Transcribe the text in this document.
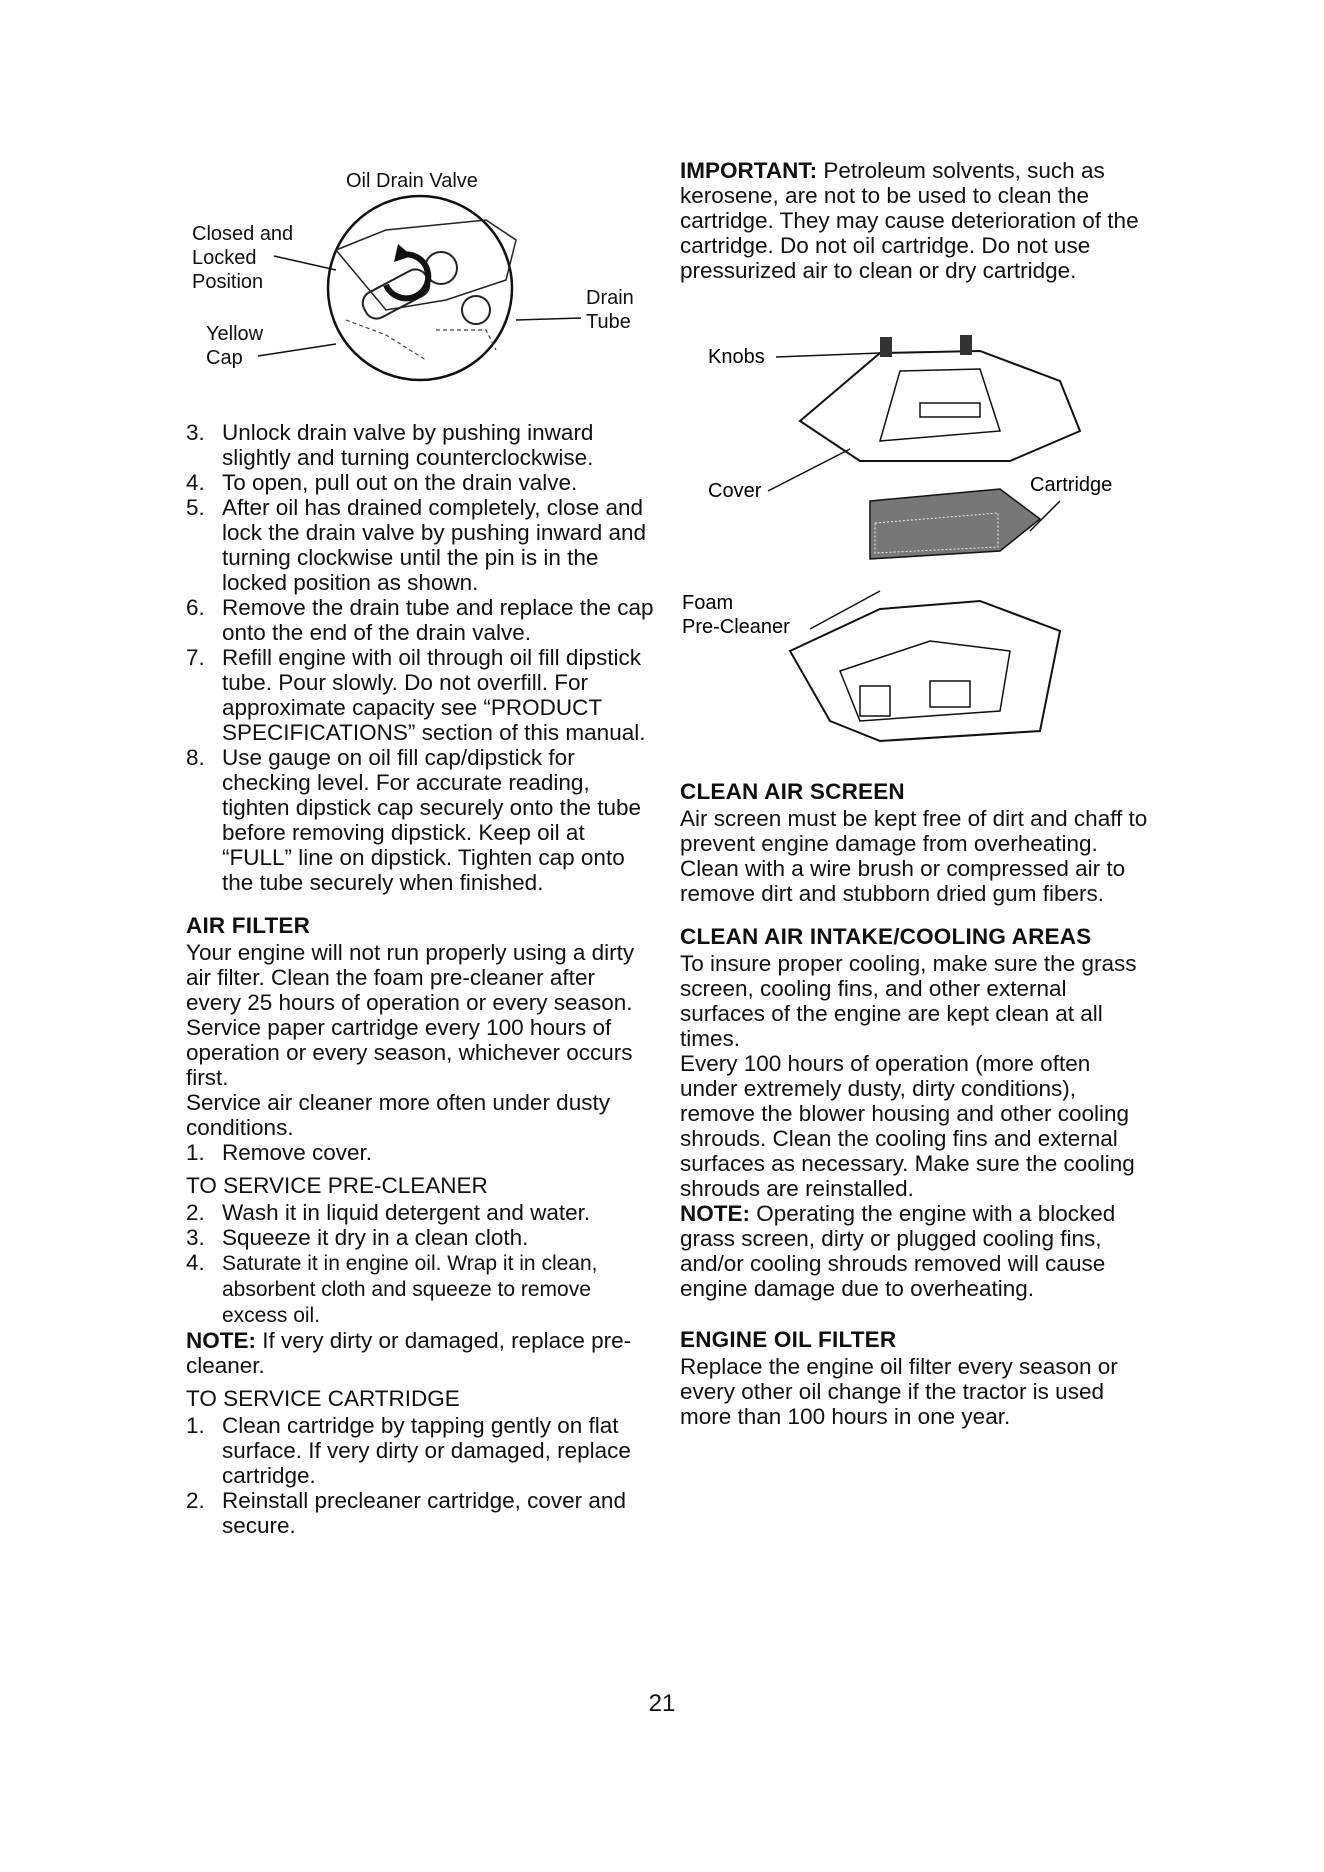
Oil Drain Valve
Closed and
Locked
Position
Yellow
Cap
Drain
Tube

3. Unlock drain valve by pushing inward slightly and turning counterclockwise.

4. To open, pull out on the drain valve.

5. After oil has drained completely, close and lock the drain valve by pushing inward and turning clockwise until the pin is in the locked position as shown.

6. Remove the drain tube and replace the cap onto the end of the drain valve.

7. Refill engine with oil through oil fill dipstick tube. Pour slowly. Do not overfill. For approximate capacity see “PRODUCT SPECIFICATIONS” section of this manual.

8. Use gauge on oil fill cap/dipstick for checking level. For accurate reading, tighten dipstick cap securely onto the tube before removing dipstick. Keep oil at “FULL” line on dipstick. Tighten cap onto the tube securely when finished.

AIR FILTER

Your engine will not run properly using a dirty air filter. Clean the foam pre-cleaner after every 25 hours of operation or every season. Service paper cartridge every 100 hours of operation or every season, whichever occurs first.

Service air cleaner more often under dusty conditions.

1. Remove cover.

TO SERVICE PRE-CLEANER

2. Wash it in liquid detergent and water.

3. Squeeze it dry in a clean cloth.

4. Saturate it in engine oil. Wrap it in clean, absorbent cloth and squeeze to remove excess oil.

NOTE: If very dirty or damaged, replace pre-cleaner.

TO SERVICE CARTRIDGE

1. Clean cartridge by tapping gently on flat surface. If very dirty or damaged, replace cartridge.

2. Reinstall precleaner cartridge, cover and secure.

IMPORTANT: Petroleum solvents, such as kerosene, are not to be used to clean the cartridge. They may cause deterioration of the cartridge. Do not oil cartridge. Do not use pressurized air to clean or dry cartridge.

Knobs
Cover	Cartridge
Foam
Pre-Cleaner
CLEAN AIR SCREEN

Air screen must be kept free of dirt and chaff to prevent engine damage from overheating. Clean with a wire brush or compressed air to remove dirt and stubborn dried gum fibers.

CLEAN AIR INTAKE/COOLING AREAS

To insure proper cooling, make sure the grass screen, cooling fins, and other external surfaces of the engine are kept clean at all times.

Every 100 hours of operation (more often under extremely dusty, dirty conditions), remove the blower housing and other cooling shrouds. Clean the cooling fins and external surfaces as necessary. Make sure the cooling shrouds are reinstalled.

NOTE: Operating the engine with a blocked grass screen, dirty or plugged cooling fins, and/or cooling shrouds removed will cause engine damage due to overheating.

ENGINE OIL FILTER

Replace the engine oil filter every season or every other oil change if the tractor is used more than 100 hours in one year.

21
